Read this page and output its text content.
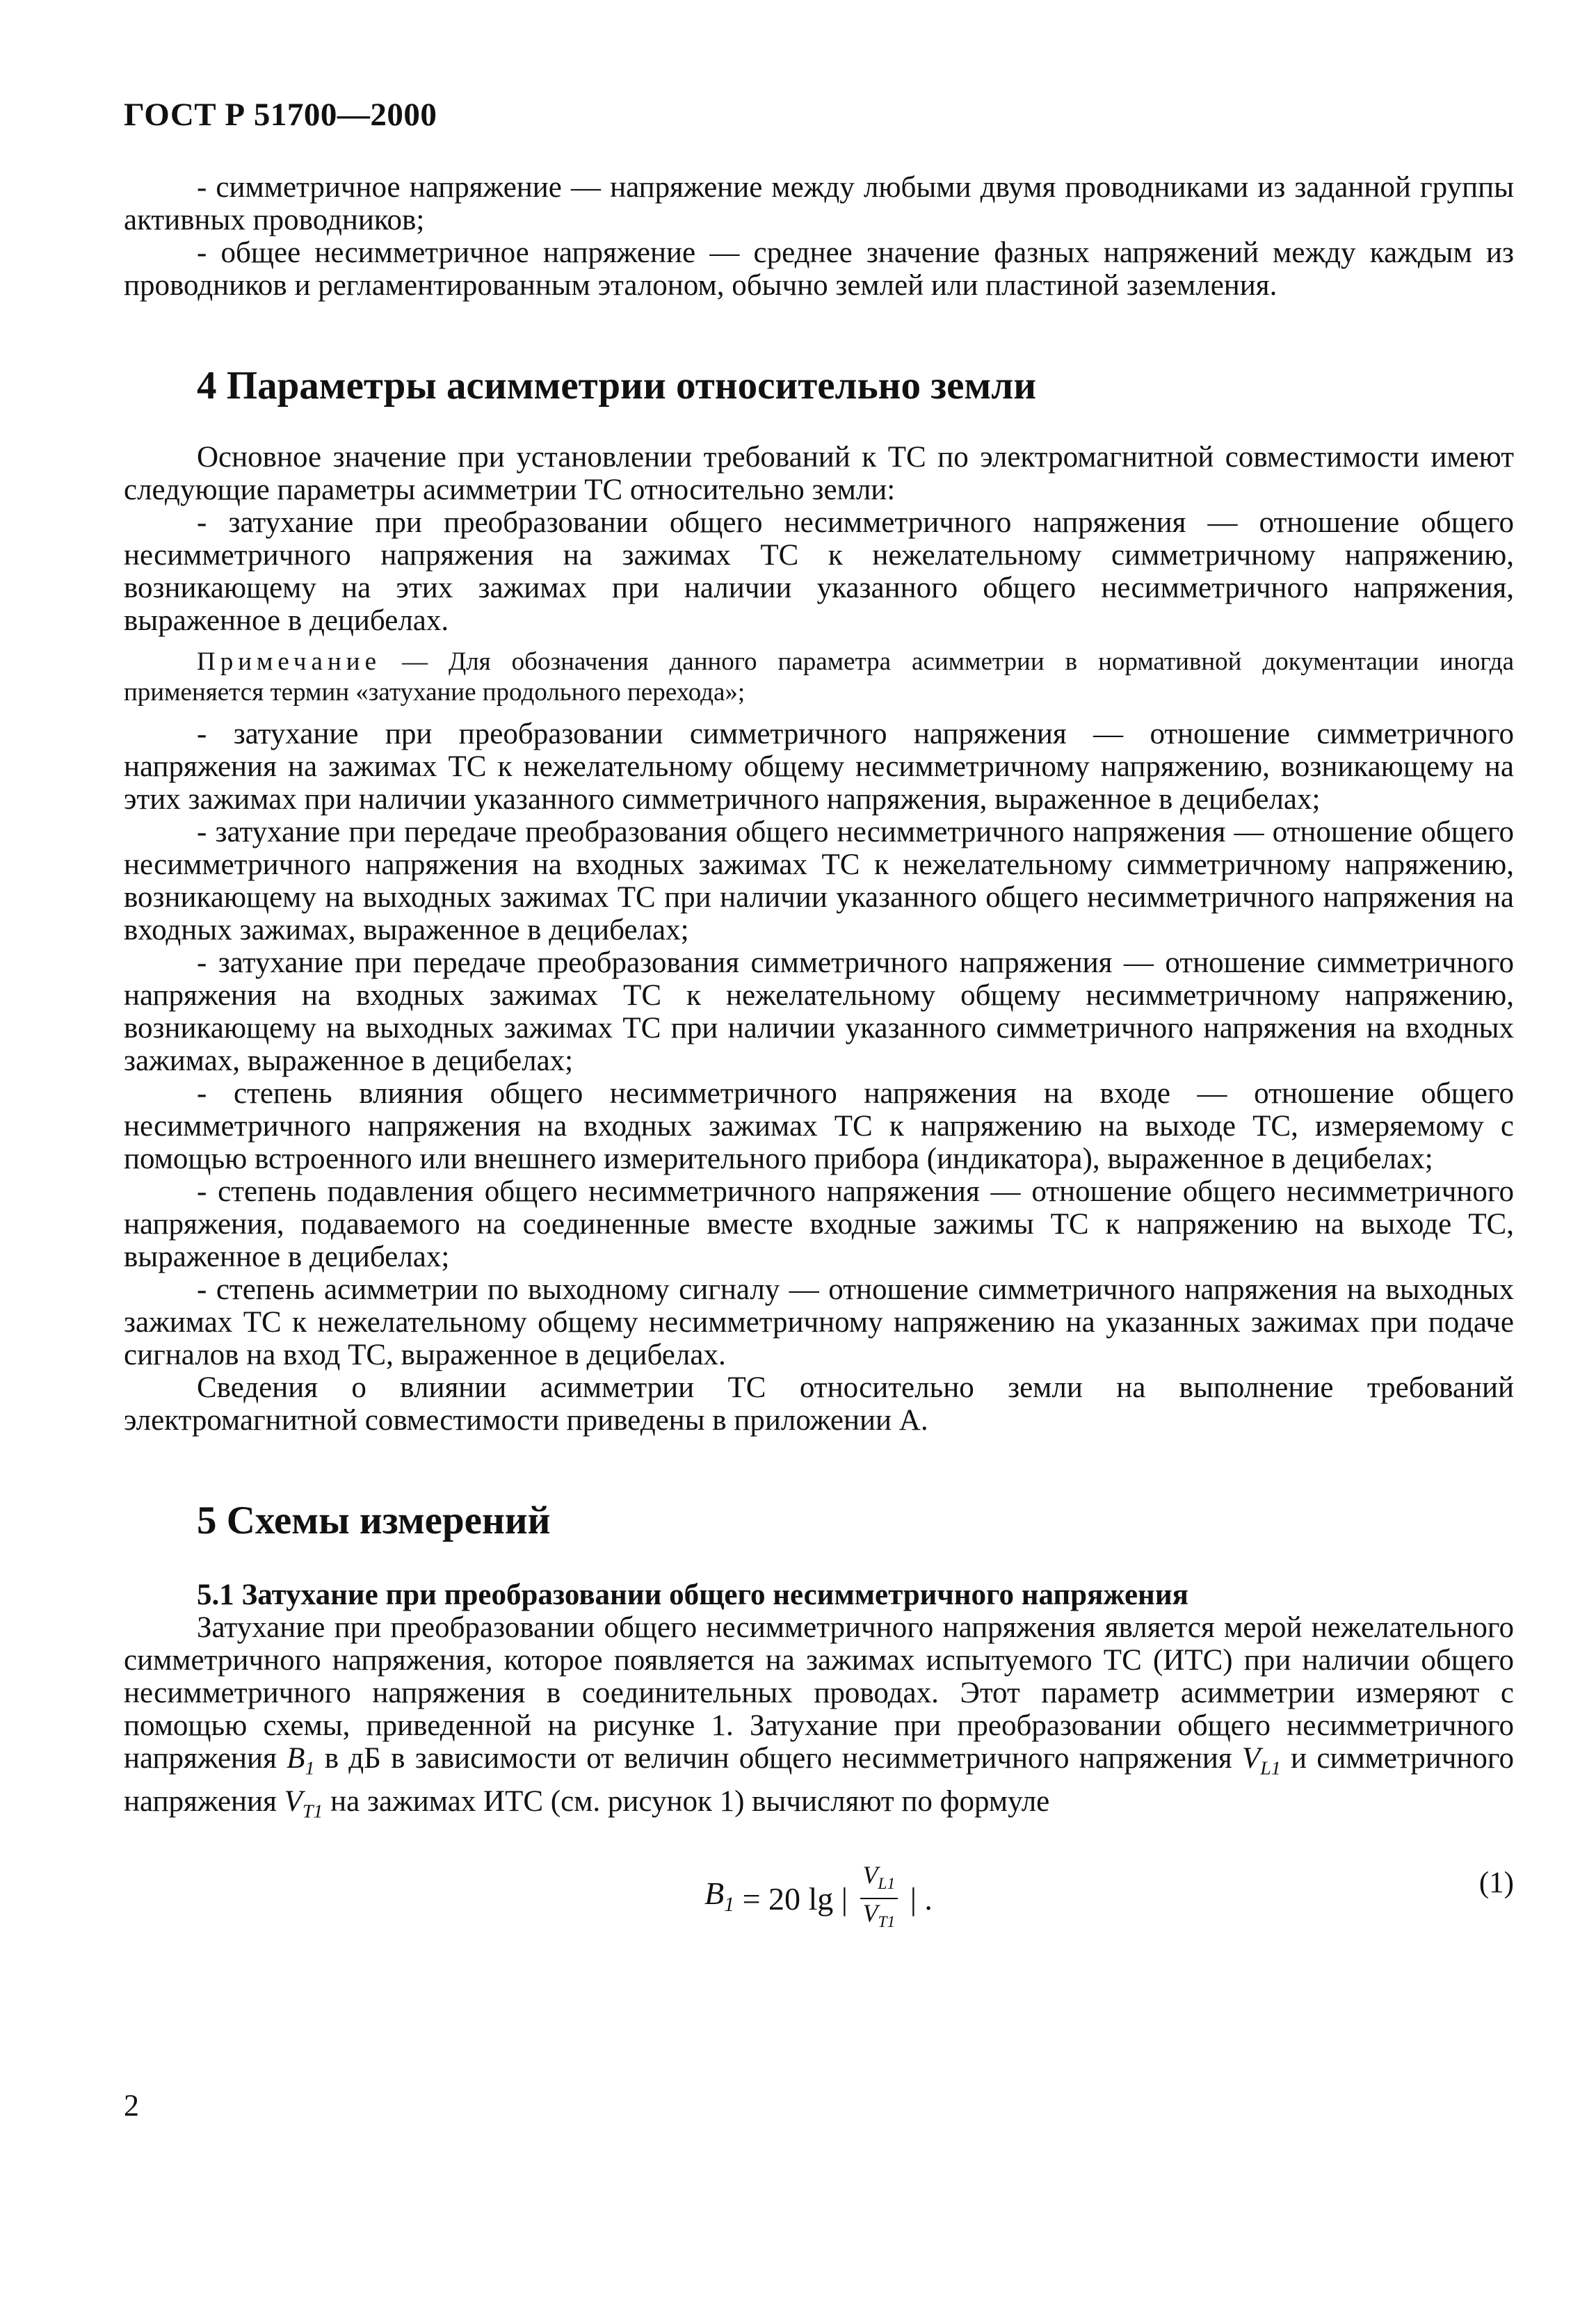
ГОСТ Р 51700—2000

- симметричное напряжение — напряжение между любыми двумя проводниками из заданной группы активных проводников;

- общее несимметричное напряжение — среднее значение фазных напряжений между каждым из проводников и регламентированным эталоном, обычно землей или пластиной заземления.

4 Параметры асимметрии относительно земли

Основное значение при установлении требований к ТС по электромагнитной совместимости имеют следующие параметры асимметрии ТС относительно земли:

- затухание при преобразовании общего несимметричного напряжения — отношение общего несимметричного напряжения на зажимах ТС к нежелательному симметричному напряжению, возникающему на этих зажимах при наличии указанного общего несимметричного напряжения, выраженное в децибелах.

Примечание — Для обозначения данного параметра асимметрии в нормативной документации иногда применяется термин «затухание продольного перехода»;

- затухание при преобразовании симметричного напряжения — отношение симметричного напряжения на зажимах ТС к нежелательному общему несимметричному напряжению, возникающему на этих зажимах при наличии указанного симметричного напряжения, выраженное в децибелах;

- затухание при передаче преобразования общего несимметричного напряжения — отношение общего несимметричного напряжения на входных зажимах ТС к нежелательному симметричному напряжению, возникающему на выходных зажимах ТС при наличии указанного общего несимметричного напряжения на входных зажимах, выраженное в децибелах;

- затухание при передаче преобразования симметричного напряжения — отношение симметричного напряжения на входных зажимах ТС к нежелательному общему несимметричному напряжению, возникающему на выходных зажимах ТС при наличии указанного симметричного напряжения на входных зажимах, выраженное в децибелах;

- степень влияния общего несимметричного напряжения на входе — отношение общего несимметричного напряжения на входных зажимах ТС к напряжению на выходе ТС, измеряемому с помощью встроенного или внешнего измерительного прибора (индикатора), выраженное в децибелах;

- степень подавления общего несимметричного напряжения — отношение общего несимметричного напряжения, подаваемого на соединенные вместе входные зажимы ТС к напряжению на выходе ТС, выраженное в децибелах;

- степень асимметрии по выходному сигналу — отношение симметричного напряжения на выходных зажимах ТС к нежелательному общему несимметричному напряжению на указанных зажимах при подаче сигналов на вход ТС, выраженное в децибелах.

Сведения о влиянии асимметрии ТС относительно земли на выполнение требований электромагнитной совместимости приведены в приложении А.

5 Схемы измерений
5.1 Затухание при преобразовании общего несимметричного напряжения

Затухание при преобразовании общего несимметричного напряжения является мерой нежелательного симметричного напряжения, которое появляется на зажимах испытуемого ТС (ИТС) при наличии общего несимметричного напряжения в соединительных проводах. Этот параметр асимметрии измеряют с помощью схемы, приведенной на рисунке 1. Затухание при преобразовании общего несимметричного напряжения $B_1$ в дБ в зависимости от величин общего несимметричного напряжения $V_{L1}$ и симметричного напряжения $V_{T1}$ на зажимах ИТС (см. рисунок 1) вычисляют по формуле

$B_1 = 20$ lg | $\frac{V_{L1}}{V_{T1}}$ | .	(1)
2
